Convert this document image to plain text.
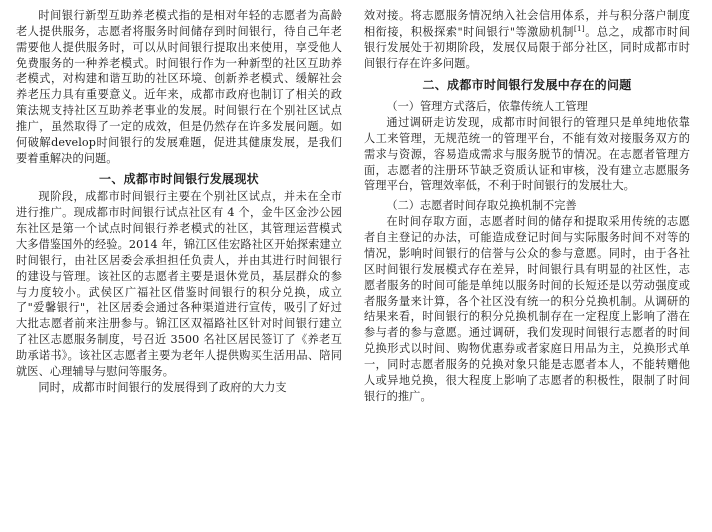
时间银行新型互助养老模式指的是相对年轻的志愿者为高龄老人提供服务，志愿者将服务时间储存到时间银行，待自己年老需要他人提供服务时，可以从时间银行提取出来使用，享受他人免费服务的一种养老模式。时间银行作为一种新型的社区互助养老模式，对构建和谐互助的社区环境、创新养老模式、缓解社会养老压力具有重要意义。近年来，成都市政府也制订了相关的政策法规支持社区互助养老事业的发展。时间银行在个别社区试点推广，虽然取得了一定的成效，但是仍然存在许多发展问题。如何破解develop时间银行的发展难题，促进其健康发展，是我们要着重解决的问题。

一、成都市时间银行发展现状

现阶段，成都市时间银行主要在个别社区试点，并未在全市进行推广。现成都市时间银行试点社区有 4 个，金牛区金沙公园东社区是第一个试点时间银行养老模式的社区，其管理运营模式大多借鉴国外的经验。2014 年，锦江区佳宏路社区开始探索建立时间银行，由社区居委会承担担任负责人，并由其进行时间银行的建设与管理。该社区的志愿者主要是退休党员，基层群众的参与力度较小。武侯区广福社区借鉴时间银行的积分兑换，成立了"爱馨银行"，社区居委会通过各种渠道进行宣传，吸引了好过大批志愿者前来注册参与。锦江区双福路社区针对时间银行建立了社区志愿服务制度，号召近 3500 名社区居民签订了《养老互助承诺书》。该社区志愿者主要为老年人提供购买生活用品、陪同就医、心理辅导与慰问等服务。

同时，成都市时间银行的发展得到了政府的大力支

效对接。将志愿服务情况纳入社会信用体系，并与积分落户制度相衔接，积极探索"时间银行"等激励机制[1]。总之，成都市时间银行发展处于初期阶段，发展仅局限于部分社区，同时成都市时间银行存在许多问题。

二、成都市时间银行发展中存在的问题
（一）管理方式落后，依靠传统人工管理

通过调研走访发现，成都市时间银行的管理只是单纯地依靠人工来管理，无规范统一的管理平台，不能有效对接服务双方的需求与资源，容易造成需求与服务脱节的情况。在志愿者管理方面，志愿者的注册环节缺乏资质认证和审核，没有建立志愿服务管理平台，管理效率低，不利于时间银行的发展壮大。

（二）志愿者时间存取兑换机制不完善

在时间存取方面，志愿者时间的储存和提取采用传统的志愿者自主登记的办法，可能造成登记时间与实际服务时间不对等的情况，影响时间银行的信誉与公众的参与意愿。同时，由于各社区时间银行发展模式存在差异，时间银行具有明显的社区性，志愿者服务的时间可能是单纯以服务时间的长短还是以劳动强度或者服务量来计算，各个社区没有统一的积分兑换机制。从调研的结果来看，时间银行的积分兑换机制存在一定程度上影响了潜在参与者的参与意愿。通过调研，我们发现时间银行志愿者的时间兑换形式以时间、购物优惠券或者家庭日用品为主，兑换形式单一，同时志愿者服务的兑换对象只能是志愿者本人，不能转赠他人或异地兑换，很大程度上影响了志愿者的积极性，限制了时间银行的推广。
